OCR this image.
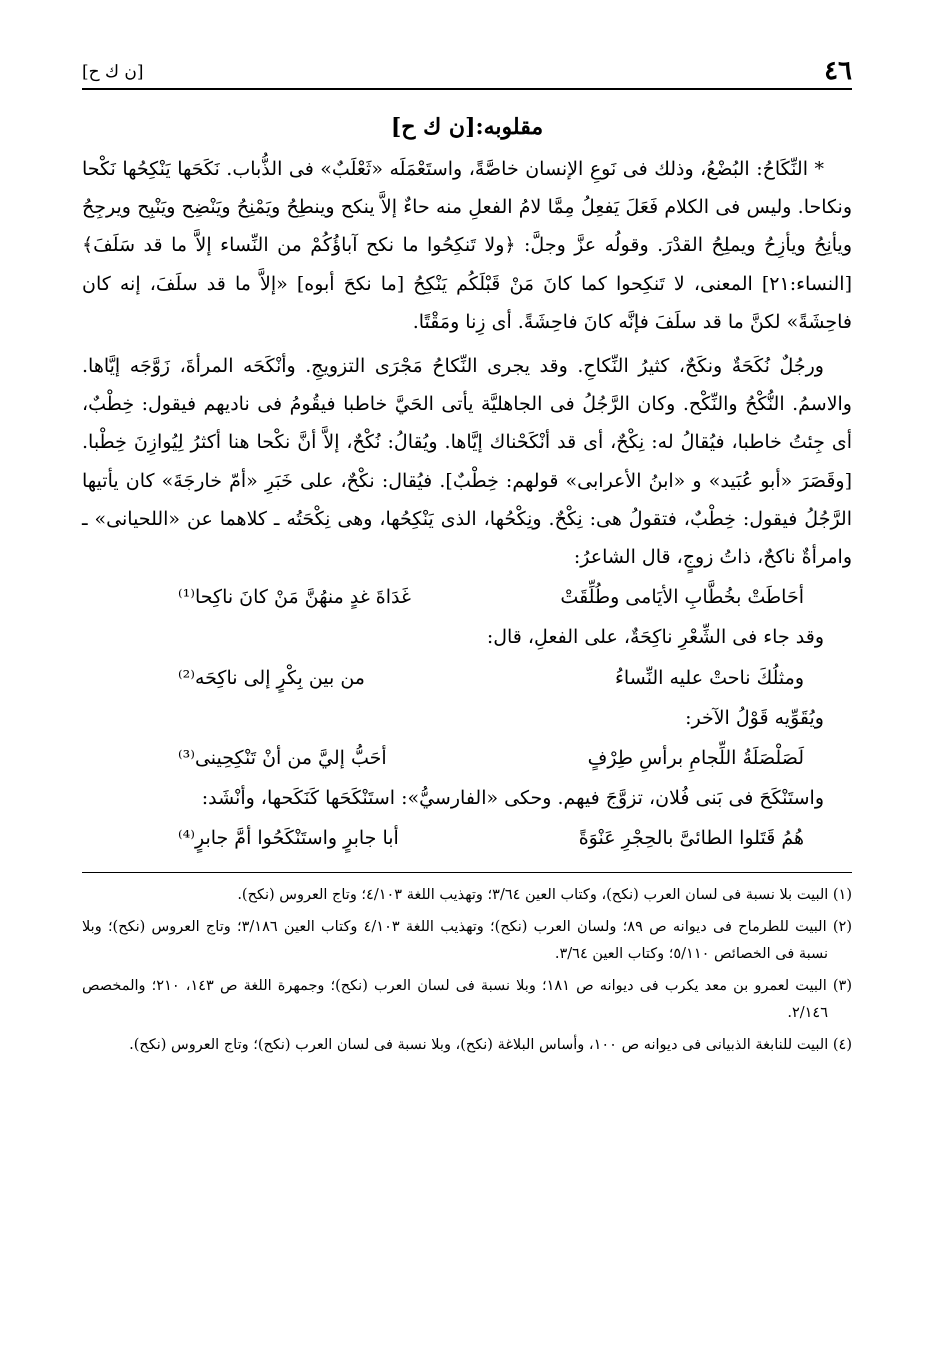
٤٦
[ن ك ح]
مقلوبه:[ن ك ح]

* النِّكَاحُ: البُضْعُ، وذلك فى نَوعِ الإنسان خاصَّةً، واستَعْمَلَه «ثَعْلَبٌ» فى الذُّباب. نَكَحَها يَنْكِحُها نَكْحا ونكاحا. وليس فى الكلام فَعَلَ يَفعِلُ مِمَّا لامُ الفعلِ منه حاءٌ إلاَّ ينكح وينطِحُ ويَمْنِحُ ويَنْضِح ويَنْبِح ويرجِحُ ويأنِحُ ويأزِحُ ويملِحُ القدْرَ. وقولُه عزَّ وجلَّ: ﴿ولا تَنكِحُوا ما نكح آباؤُكُمْ من النِّساء إلاَّ ما قد سَلَفَ﴾ [النساء:٢١] المعنى، لا تَنكِحوا كما كانَ مَنْ قَبْلَكُم يَنْكِحُ [ما نكحَ أبوه] «إلاَّ ما قد سلَفَ، إنه كان فاحِشَةً» لكنَّ ما قد سلَفَ فإنَّه كانَ فاحِشَةً. أى زِنا ومَقْتًا.

ورجُلٌ نُكَحَةٌ ونكَحٌ، كثيرُ النِّكاحِ. وقد يجرى النِّكاحُ مَجْرَى التزويجِ. وأنْكَحَه المرأةَ، زَوَّجَه إيَّاها. والاسمُ. النُّكْحُ والنِّكْح. وكان الرَّجُلُ فى الجاهليَّة يأتى الحَيَّ خاطبا فيقُومُ فى ناديهم فيقول: خِطْبٌ، أى جِئتُ خاطبا، فيُقالُ له: نِكْحٌ، أى قد أنْكَحْناك إيَّاها. ويُقالُ: نُكْحٌ، إلاَّ أنَّ نكْحا هنا أكثرُ لِيُوازِنَ خِطْبا. [وقَصَرَ «أبو عُبَيد» و «ابنُ الأعرابى» قولهم: خِطْبٌ]. فيُقال: نكْحٌ، على خَبَرِ «أمّ خارجَةَ» كان يأتيها الرَّجُلُ فيقول: خِطْبٌ، فتقولُ هى: نِكْحٌ. ونِكْحُها، الذى يَنْكِحُها، وهى نِكْحَتُه ـ كلاهما عن «اللحيانى» ـ وامرأةٌ ناكحٌ، ذاتُ زوجٍ، قال الشاعرُ:

أحَاطَتْ بخُطَّابِ الأيَامى وطُلِّقَتْ
غَدَاةَ غدٍ منهُنَّ مَنْ كانَ ناكِحا⁽¹⁾

وقد جاء فى الشِّعْرِ ناكِحَةٌ، على الفعلِ، قال:

ومثلُكَ ناحتْ عليه النِّساءُ
من بين بِكْرٍ إلى ناكِحَه⁽²⁾

ويُقَوِّيه قَوْلُ الآخر:

لَصَلْصَلَةُ اللِّجامِ برأسِ طِرْفٍ
أحَبُّ إليَّ من أنْ تَنْكِحِينى⁽³⁾

واستَنْكَحَ فى بَنى فُلان، تزوَّجَ فيهم. وحكى «الفارسيُّ»: استَنْكَحَها كَنَكَحها، وأنْشَد:

هُمُ قَتَلوا الطائىَّ بالحِجْرِ عَنْوَةً
أبا جابرٍ واستَنْكَحُوا أمَّ جابرٍ⁽⁴⁾

(١) البيت بلا نسبة فى لسان العرب (نكح)، وكتاب العين ٣/٦٤؛ وتهذيب اللغة ٤/١٠٣؛ وتاج العروس (نكح).

(٢) البيت للطرماح فى ديوانه ص ٨٩؛ ولسان العرب (نكح)؛ وتهذيب اللغة ٤/١٠٣ وكتاب العين ٣/١٨٦؛ وتاج العروس (نكح)؛ وبلا نسبة فى الخصائص ٥/١١٠؛ وكتاب العين ٣/٦٤.

(٣) البيت لعمرو بن معد يكرب فى ديوانه ص ١٨١؛ وبلا نسبة فى لسان العرب (نكح)؛ وجمهرة اللغة ص ١٤٣، ٢١٠؛ والمخصص ٢/١٤٦.

(٤) البيت للنابغة الذبيانى فى ديوانه ص ١٠٠، وأساس البلاغة (نكح)، وبلا نسبة فى لسان العرب (نكح)؛ وتاج العروس (نكح).
